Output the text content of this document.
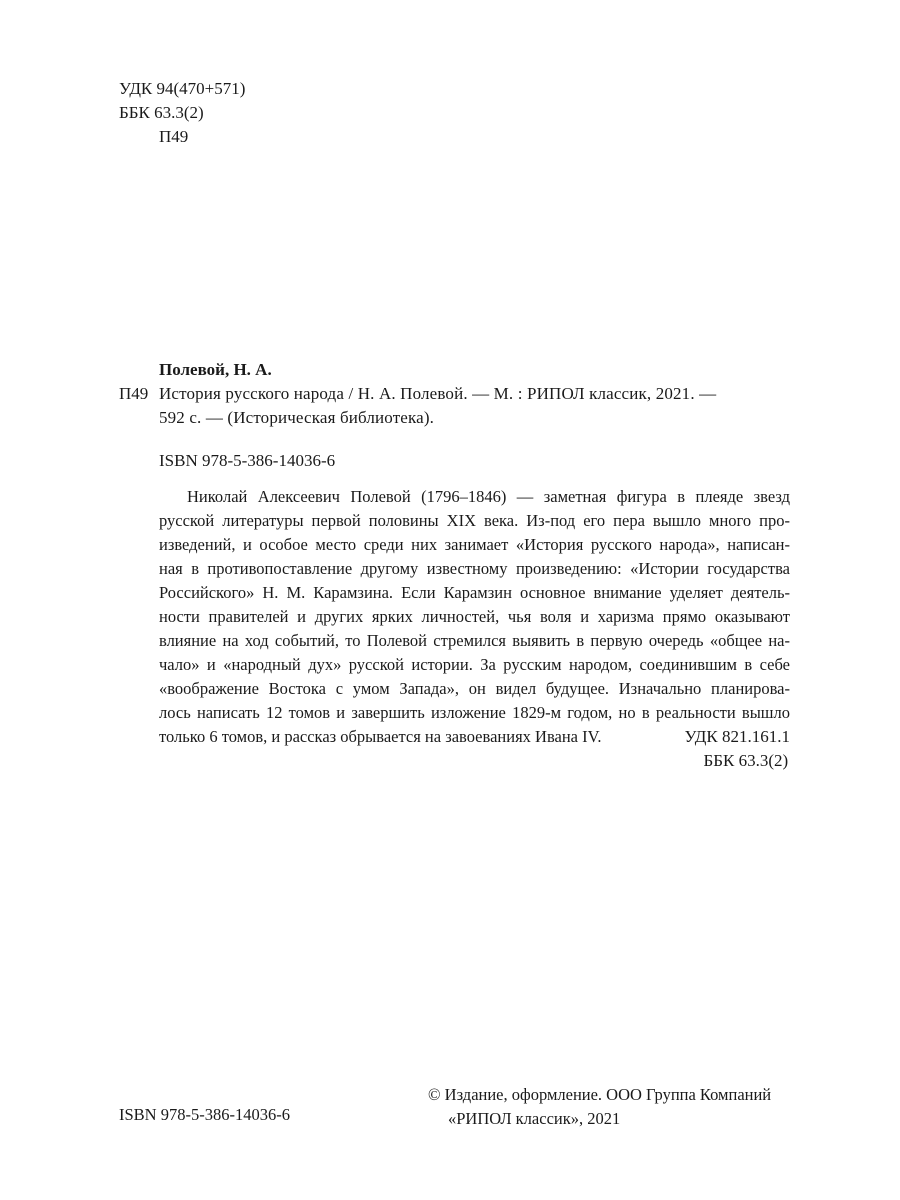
УДК 94(470+571)
ББК 63.3(2)
П49
Полевой, Н. А.
П49 История русского народа / Н. А. Полевой. — М. : РИПОЛ классик, 2021. —
592 с. — (Историческая библиотека).
ISBN 978-5-386-14036-6
Николай Алексеевич Полевой (1796–1846) — заметная фигура в плеяде звезд
русской литературы первой половины XIX века. Из-под его пера вышло много про-
изведений, и особое место среди них занимает «История русского народа», написан-
ная в противопоставление другому известному произведению: «Истории государства
Российского» Н. М. Карамзина. Если Карамзин основное внимание уделяет деятель-
ности правителей и других ярких личностей, чья воля и харизма прямо оказывают
влияние на ход событий, то Полевой стремился выявить в первую очередь «общее на-
чало» и «народный дух» русской истории. За русским народом, соединившим в себе
«воображение Востока с умом Запада», он видел будущее. Изначально планирова-
лось написать 12 томов и завершить изложение 1829-м годом, но в реальности вышло
только 6 томов, и рассказ обрывается на завоеваниях Ивана IV.	УДК 821.161.1
ББК 63.3(2)
ISBN 978-5-386-14036-6
© Издание, оформление. ООО Группа Компаний
«РИПОЛ классик», 2021
